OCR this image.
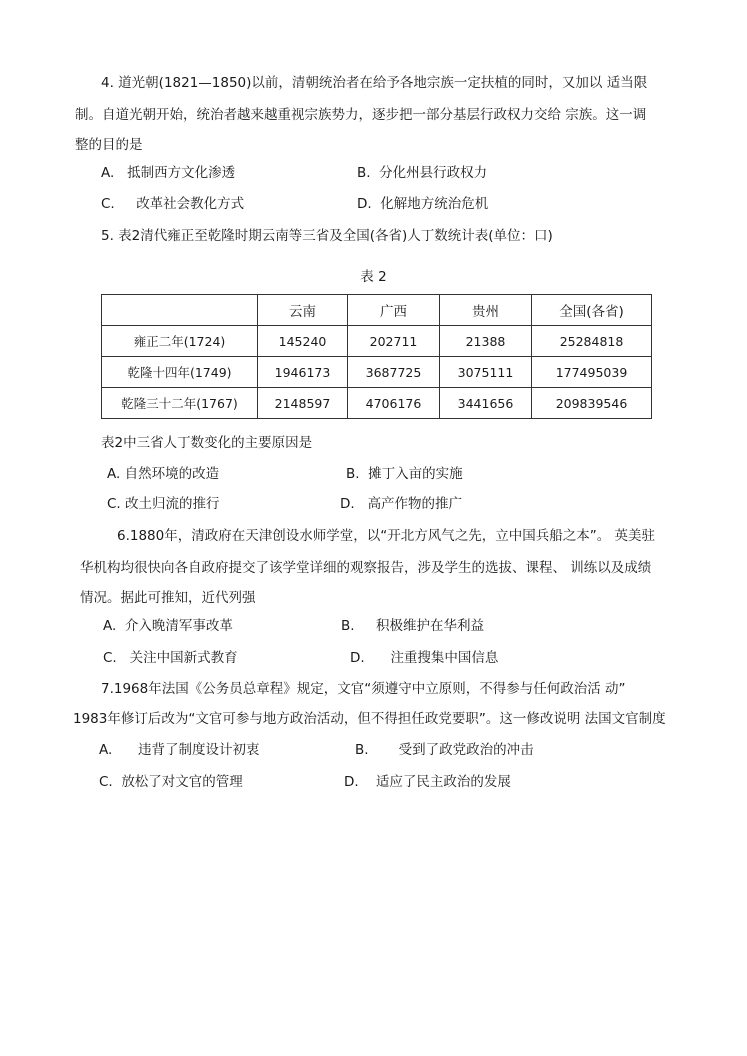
4. 道光朝(1821—1850)以前，清朝统治者在给予各地宗族一定扶植的同时，又加以 适当限
制。自道光朝开始，统治者越来越重视宗族势力，逐步把一部分基层行政权力交给 宗族。这一调
整的目的是
A. 抵制西方文化渗透	B. 分化州县行政权力
C. 改革社会教化方式	D. 化解地方统治危机
5. 表2清代雍正至乾隆时期云南等三省及全国(各省)人丁数统计表(单位：口)
表 2
	云南	广西	贵州	全国(各省)
雍正二年(1724)	145240	202711	21388	25284818
乾隆十四年(1749)	1946173	3687725	3075111	177495039
乾隆三十二年(1767)	2148597	4706176	3441656	209839546
表2中三省人丁数变化的主要原因是
A. 自然环境的改造	B. 摊丁入亩的实施
C. 改土归流的推行	D. 高产作物的推广
6.1880年，清政府在天津创设水师学堂，以“开北方风气之先，立中国兵船之本”。 英美驻
华机构均很快向各自政府提交了该学堂详细的观察报告，涉及学生的选拔、课程、 训练以及成绩
情况。据此可推知，近代列强
A. 介入晚清军事改革	B. 积极维护在华利益
C. 关注中国新式教育	D. 注重搜集中国信息
7.1968年法国《公务员总章程》规定，文官“须遵守中立原则，不得参与任何政治活 动”
1983年修订后改为“文官可参与地方政治活动，但不得担任政党要职”。这一修改说明 法国文官制度
A. 违背了制度设计初衷	B. 受到了政党政治的冲击
C. 放松了对文官的管理	D. 适应了民主政治的发展
